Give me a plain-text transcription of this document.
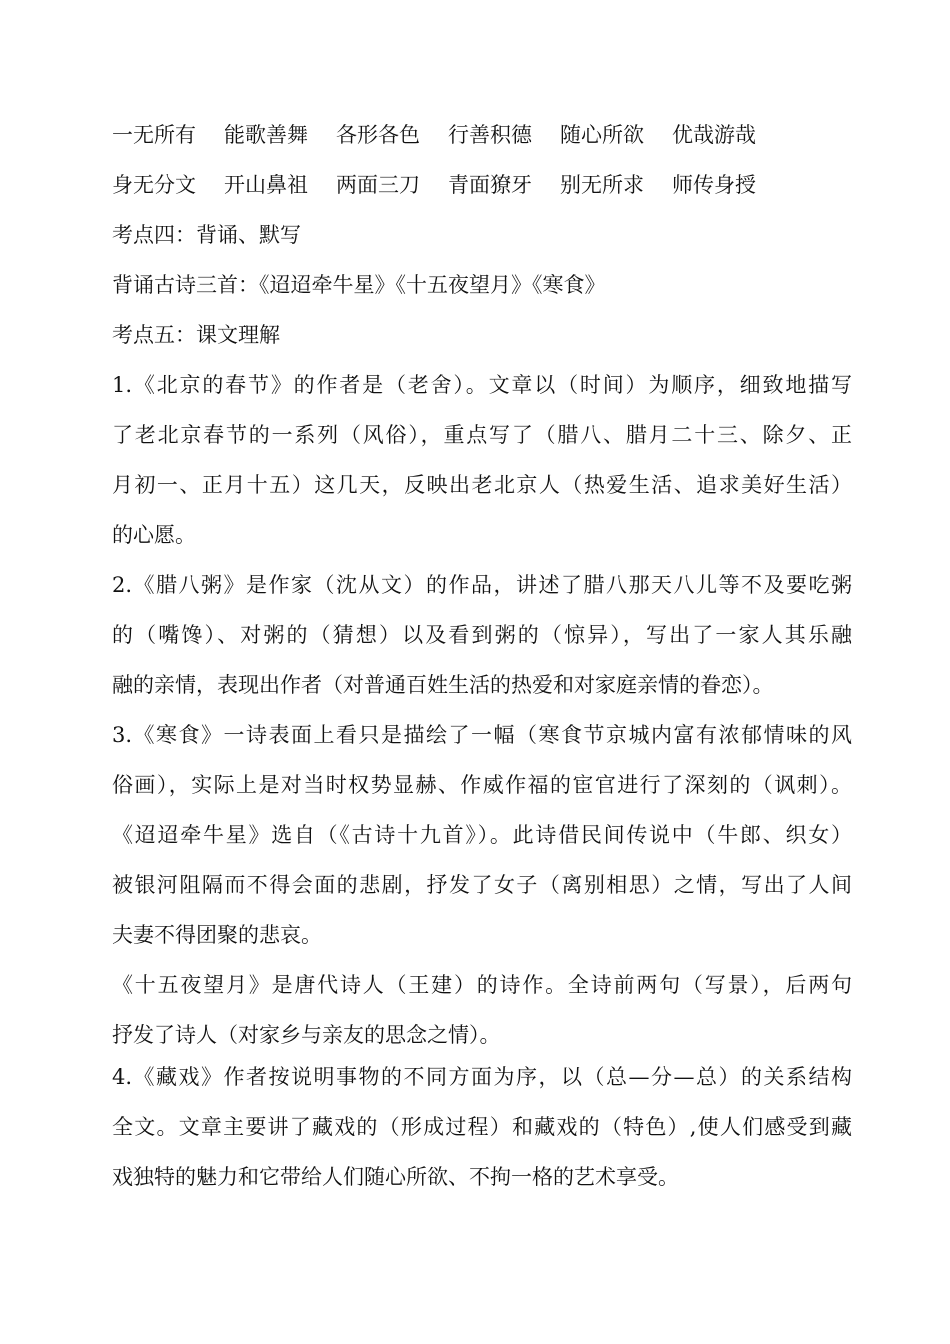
一无所有	能歌善舞	各形各色	行善积德	随心所欲	优哉游哉
身无分文	开山鼻祖	两面三刀	青面獠牙	别无所求	师传身授
考点四：背诵、默写
背诵古诗三首：《迢迢牵牛星》《十五夜望月》《寒食》
考点五：课文理解
1.《北京的春节》的作者是（老舍）。文章以（时间）为顺序，细致地描写
了老北京春节的一系列（风俗），重点写了（腊八、腊月二十三、除夕、正
月初一、正月十五）这几天，反映出老北京人（热爱生活、追求美好生活）
的心愿。
2.《腊八粥》是作家（沈从文）的作品，讲述了腊八那天八儿等不及要吃粥
的（嘴馋）、对粥的（猜想）以及看到粥的（惊异），写出了一家人其乐融
融的亲情，表现出作者（对普通百姓生活的热爱和对家庭亲情的眷恋）。
3.《寒食》一诗表面上看只是描绘了一幅（寒食节京城内富有浓郁情味的风
俗画），实际上是对当时权势显赫、作威作福的宦官进行了深刻的（讽刺）。
《迢迢牵牛星》选自（《古诗十九首》）。此诗借民间传说中（牛郎、织女）
被银河阻隔而不得会面的悲剧，抒发了女子（离别相思）之情，写出了人间
夫妻不得团聚的悲哀。
《十五夜望月》是唐代诗人（王建）的诗作。全诗前两句（写景），后两句
抒发了诗人（对家乡与亲友的思念之情）。
4.《藏戏》作者按说明事物的不同方面为序，以（总—分—总）的关系结构
全文。文章主要讲了藏戏的（形成过程）和藏戏的（特色）,使人们感受到藏
戏独特的魅力和它带给人们随心所欲、不拘一格的艺术享受。
